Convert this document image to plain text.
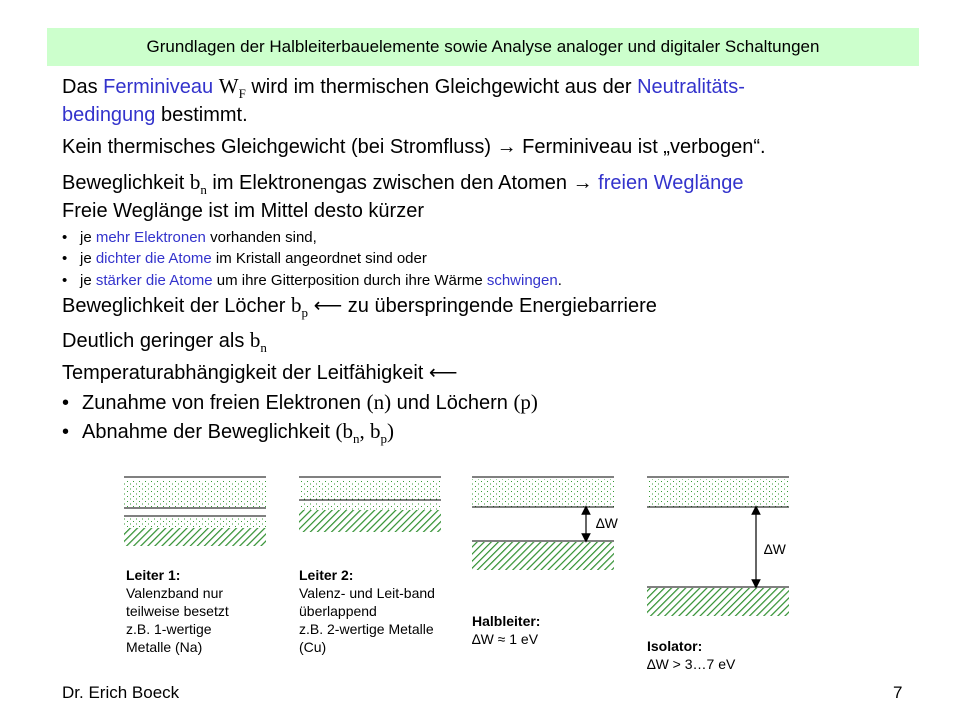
Grundlagen der Halbleiterbauelemente sowie Analyse analoger und digitaler Schaltungen
Das Ferminiveau $W_F$ wird im thermischen Gleichgewicht aus der Neutralitäts-
bedingung bestimmt.
Kein thermisches Gleichgewicht (bei Stromfluss) → Ferminiveau ist „verbogen“.
Beweglichkeit $b_n$ im Elektronengas zwischen den Atomen → freien Weglänge
Freie Weglänge ist im Mittel desto kürzer
• je mehr Elektronen vorhanden sind,
• je dichter die Atome im Kristall angeordnet sind oder
• je stärker die Atome um ihre Gitterposition durch ihre Wärme schwingen.
Beweglichkeit der Löcher $b_p$ ⟵ zu überspringende Energiebarriere
Deutlich geringer als $b_n$
Temperaturabhängigkeit der Leitfähigkeit ⟵
• Zunahme von freien Elektronen (n) und Löchern (p)
• Abnahme der Beweglichkeit ($b_n$, $b_p$)
∆W
∆W
Leiter 1:
Valenzband nur
teilweise besetzt
z.B. 1-wertige
Metalle (Na)
Leiter 2:
Valenz- und Leit-band
überlappend
z.B. 2-wertige Metalle
(Cu)
Halbleiter:
∆W ≈ 1 eV	Isolator:
∆W > 3…7 eV
Dr. Erich Boeck	7
